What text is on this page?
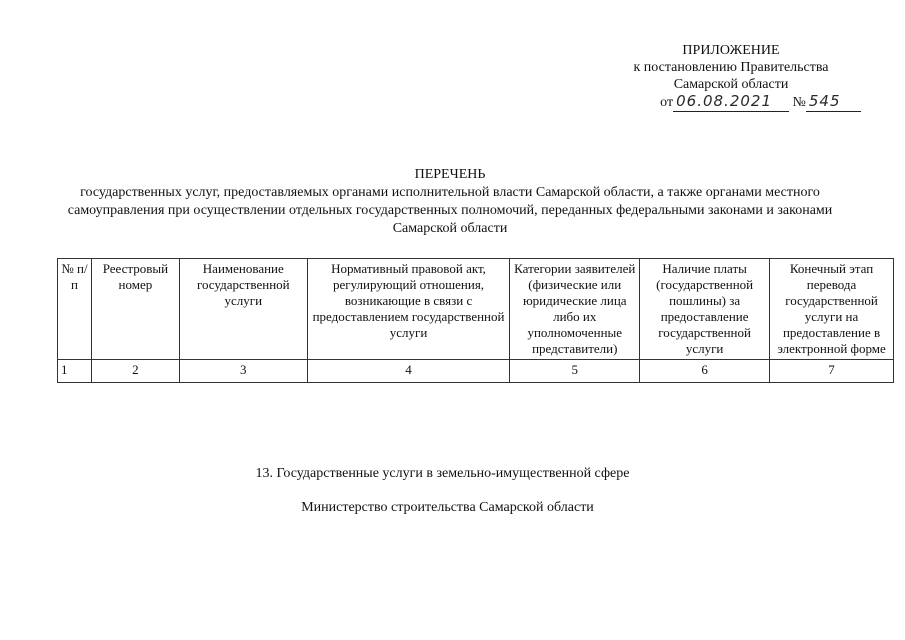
ПРИЛОЖЕНИЕ
к постановлению Правительства
Самарской области
от 06.08.2021 № 545
ПЕРЕЧЕНЬ
государственных услуг, предоставляемых органами исполнительной власти Самарской области, а также органами местного самоуправления при осуществлении отдельных государственных полномочий, переданных федеральными законами и законами Самарской области
№ п/п	Реестровый номер	Наименование государственной услуги	Нормативный правовой акт, регулирующий отношения, возникающие в связи с предоставлением государственной услуги	Категории заявителей (физические или юридические лица либо их уполномоченные представители)	Наличие платы (государственной пошлины) за предоставление государственной услуги	Конечный этап перевода государственной услуги на предоставление в электронной форме
1	2	3	4	5	6	7
13. Государственные услуги в земельно-имущественной сфере
Министерство строительства Самарской области
